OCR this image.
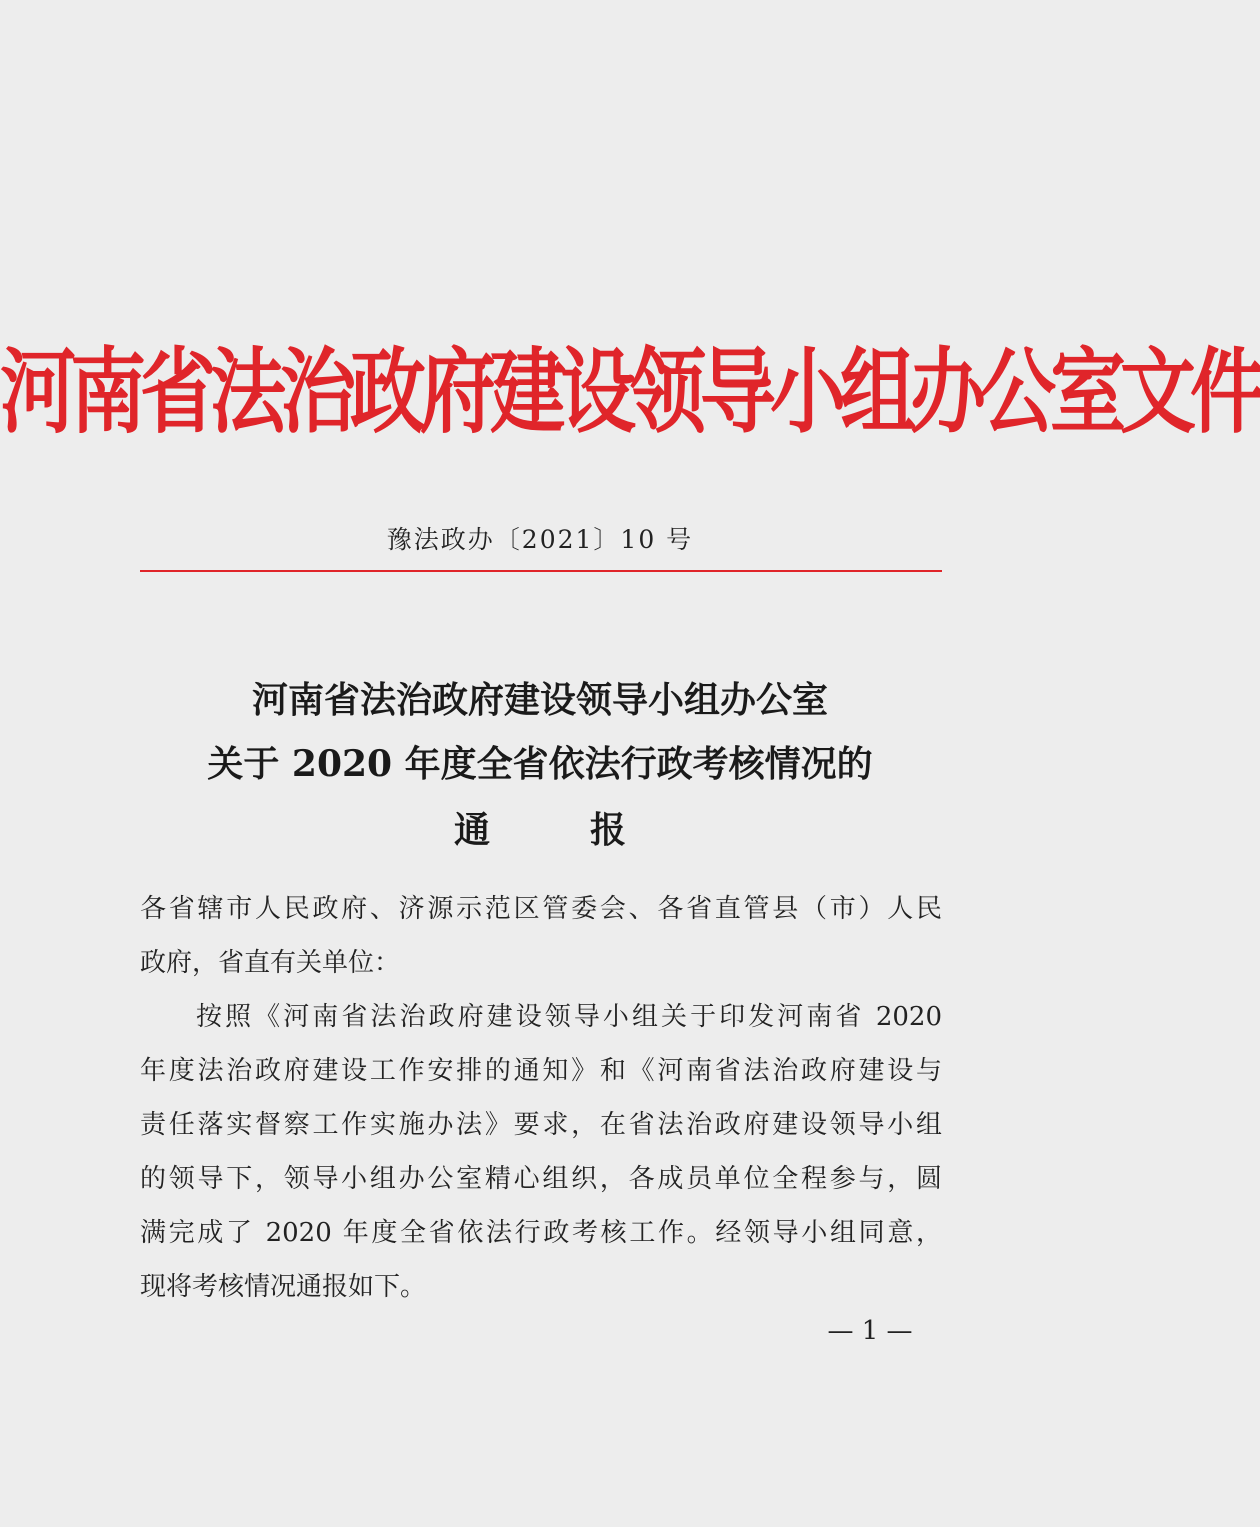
河南省法治政府建设领导小组办公室文件
豫法政办〔2021〕10 号
河南省法治政府建设领导小组办公室
关于 2020 年度全省依法行政考核情况的
通	报
各省辖市人民政府、济源示范区管委会、各省直管县（市）人民
政府，省直有关单位：
按照《河南省法治政府建设领导小组关于印发河南省 2020
年度法治政府建设工作安排的通知》和《河南省法治政府建设与
责任落实督察工作实施办法》要求，在省法治政府建设领导小组
的领导下，领导小组办公室精心组织，各成员单位全程参与，圆
满完成了 2020 年度全省依法行政考核工作。经领导小组同意，
现将考核情况通报如下。
— 1 —
